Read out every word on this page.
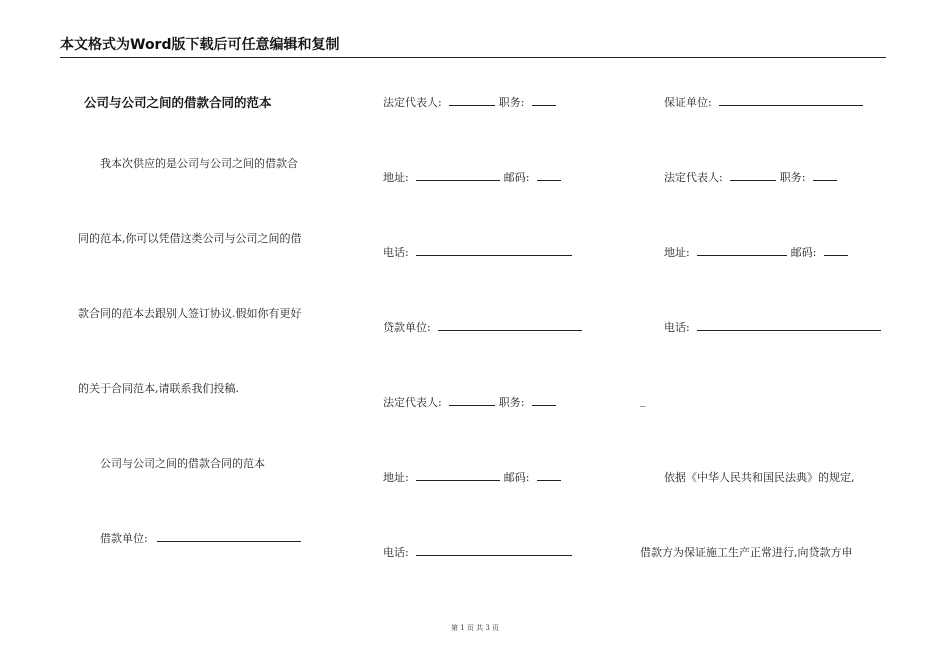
本文格式为Word版下载后可任意编辑和复制
公司与公司之间的借款合同的范本
我本次供应的是公司与公司之间的借款合
同的范本,你可以凭借这类公司与公司之间的借
款合同的范本去跟别人签订协议.假如你有更好
的关于合同范本,请联系我们投稿.
公司与公司之间的借款合同的范本
借款单位:
法定代表人:	职务:
地址:	邮码:
电话:
贷款单位:
法定代表人:	职务:
地址:	邮码:
电话:
保证单位:
法定代表人:	职务:
地址:	邮码:
电话:
_
依据《中华人民共和国民法典》的规定,
借款方为保证施工生产正常进行,向贷款方申
第 1 页 共 3 页
